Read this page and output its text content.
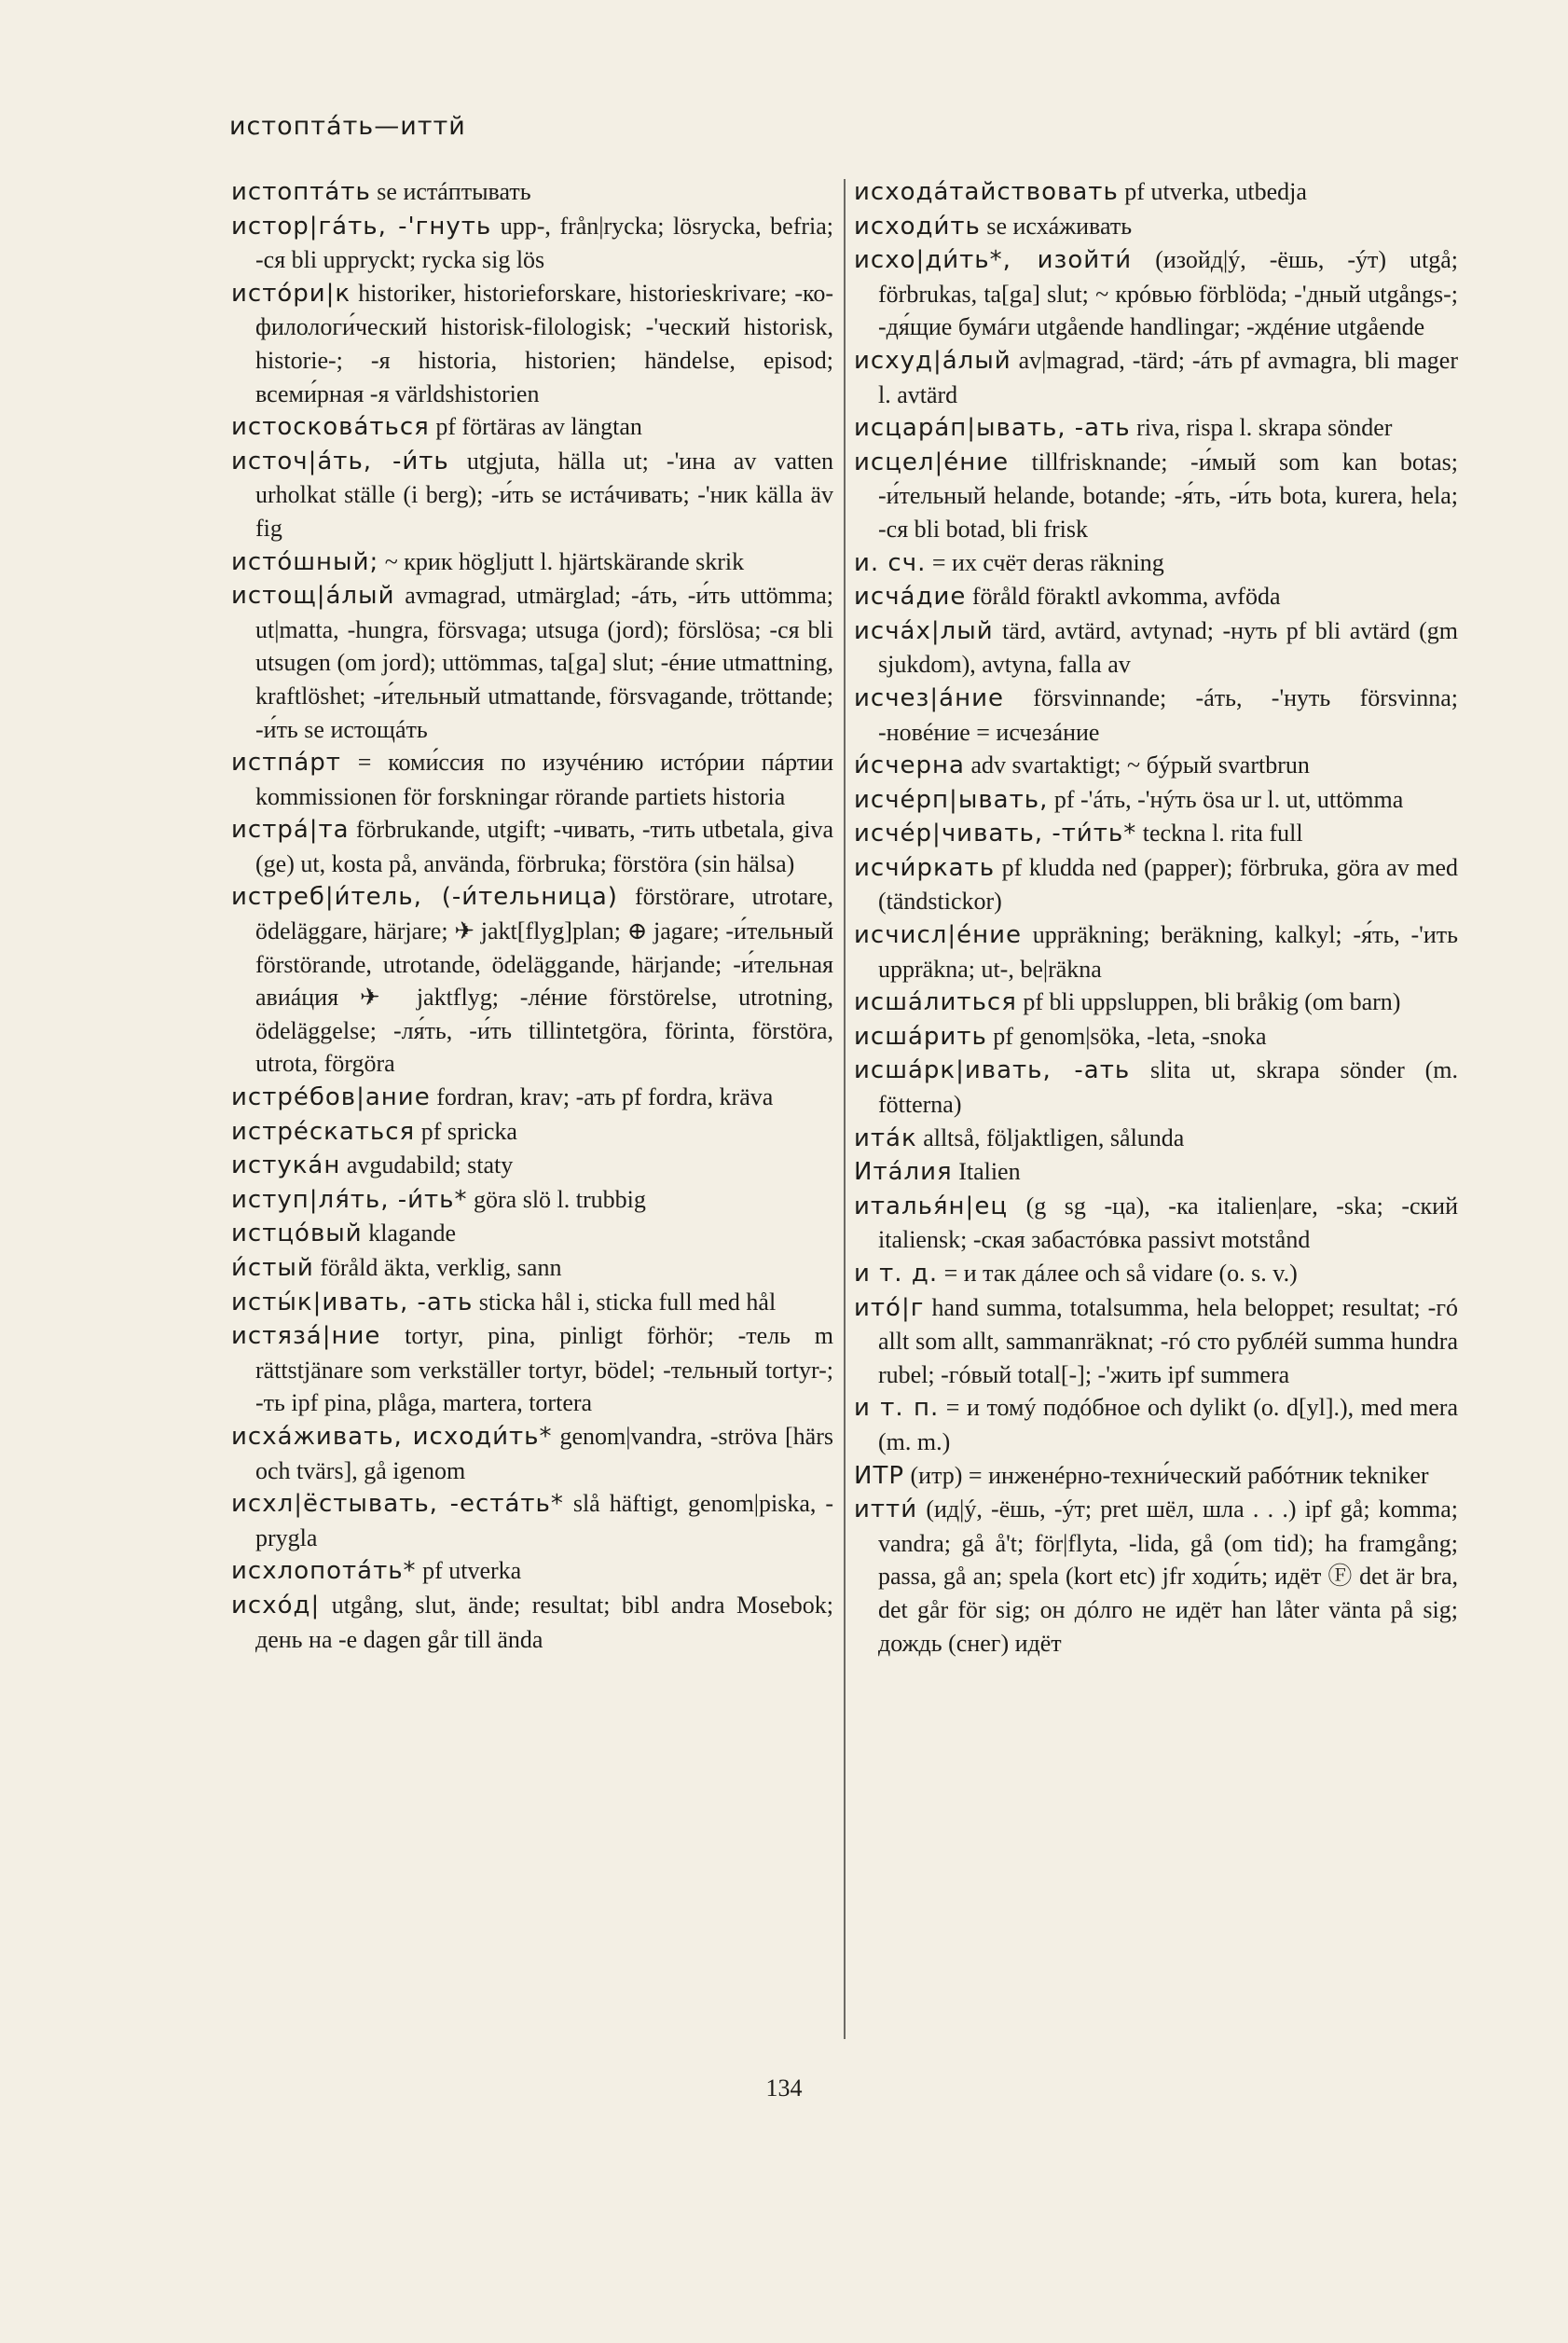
истоптáть—иттй

истоптáть se истáптывать

истор|гáть, -'гнуть upp-, från|rycka; lösrycka, befria; -ся bli uppryckt; rycka sig lös

истóри|к historiker, historieforskare, historieskrivare; -ко-филологи́ческий historisk-filologisk; -'ческий historisk, historie-; -я historia, historien; händelse, episod; всеми́рная -я världshistorien

истоскова́ться pf förtäras av längtan

источ|áть, -и́ть utgjuta, hälla ut; -'ина av vatten urholkat ställe (i berg); -и́ть se истáчивать; -'ник källa äv fig

истóшный; ~ крик högljutt l. hjärtskärande skrik

истощ|áлый avmagrad, utmärglad; -áть, -и́ть uttömma; ut|matta, -hungra, försvaga; utsuga (jord); förslösa; -ся bli utsugen (om jord); uttömmas, ta[ga] slut; -éние utmattning, kraftlöshet; -и́тельный utmattande, försvagande, tröttande; -и́ть se истощáть

истпáрт = коми́ссия по изучéнию истóрии пáртии kommissionen för forskningar rörande partiets historia

истрá|та förbrukande, utgift; -чивать, -тить utbetala, giva (ge) ut, kosta på, använda, förbruka; förstöra (sin hälsa)

истреб|и́тель, (-и́тельница) förstörare, utrotare, ödeläggare, härjare; ✈ jakt[flyg]plan; ⊕ jagare; -и́тельный förstörande, utrotande, ödeläggande, härjande; -и́тельная авиáция ✈ jaktflyg; -лéние förstörelse, utrotning, ödeläggelse; -ля́ть, -и́ть tillintetgöra, förinta, förstöra, utrota, förgöra

истрéбов|ание fordran, krav; -ать pf fordra, kräva

истрéскаться pf spricka

истукáн avgudabild; staty

иступ|ля́ть, -и́ть* göra slö l. trubbig

истцóвый klagande

и́стый föråld äkta, verklig, sann

исты́к|ивать, -ать sticka hål i, sticka full med hål

истязá|ние tortyr, pina, pinligt förhör; -тель m rättstjänare som verkställer tortyr, bödel; -тельный tortyr-; -ть ipf pina, plåga, martera, tortera

исхáживать, исходи́ть* genom|vandra, -ströva [härs och tvärs], gå igenom

исхл|ёстывать, -естáть* slå häftigt, genom|piska, -prygla

исхлопотáть* pf utverka

исхóд| utgång, slut, ände; resultat; bibl andra Mosebok; день на -е dagen går till ända

исходáтайствовать pf utverka, utbedja

исходи́ть se исхáживать

исхо|ди́ть*, изойти́ (изойд|ý, -ёшь, -ýт) utgå; förbrukas, ta[ga] slut; ~ крóвью förblöda; -'дный utgångs-; -дя́щие бумáги utgående handlingar; -ждéние utgående

исхуд|áлый av|magrad, -tärd; -áть pf avmagra, bli mager l. avtärd

исцарáп|ывать, -ать riva, rispa l. skrapa sönder

исцел|éние tillfrisknande; -и́мый som kan botas; -и́тельный helande, botande; -я́ть, -и́ть bota, kurera, hela; -ся bli botad, bli frisk

и. сч. = их счёт deras räkning

исчáдие föråld föraktl avkomma, avföda

исчáх|лый tärd, avtärd, avtynad; -нуть pf bli avtärd (gm sjukdom), avtyna, falla av

исчез|áние försvinnande; -áть, -'нуть försvinna; -новéние = исчезáние

и́счерна adv svartaktigt; ~ бýрый svartbrun

исчéрп|ывать, pf -'áть, -'нýть ösa ur l. ut, uttömma

исчéр|чивать, -ти́ть* teckna l. rita full

исчи́ркать pf kludda ned (papper); förbruka, göra av med (tändstickor)

исчисл|éние uppräkning; beräkning, kalkyl; -я́ть, -'ить uppräkna; ut-, be|räkna

исшáлиться pf bli uppsluppen, bli bråkig (om barn)

исшáрить pf genom|söka, -leta, -snoka

исшáрк|ивать, -ать slita ut, skrapa sönder (m. fötterna)

итáк alltså, följaktligen, sålunda

Итáлия Italien

италья́н|ец (g sg -ца), -ка italien|are, -ska; -ский italiensk; -ская забастóвка passivt motstånd

и т. д. = и так дáлее och så vidare (o. s. v.)

итó|г hand summa, totalsumma, hela beloppet; resultat; -гó allt som allt, sammanräknat; -гó сто рублéй summa hundra rubel; -гóвый total[-]; -'жить ipf summera

и т. п. = и томý подóбное och dylikt (o. d[yl].), med mera (m. m.)

ИТР (итр) = инженéрно-техни́ческий рабóтник tekniker

итти́ (ид|ý, -ёшь, -ýт; pret шёл, шла . . .) ipf gå; komma; vandra; gå å't; för|flyta, -lida, gå (om tid); ha framgång; passa, gå an; spela (kort etc) jfr ходи́ть; идёт Ⓕ det är bra, det går för sig; он дóлго не идёт han låter vänta på sig; дождь (снег) идёт

134
